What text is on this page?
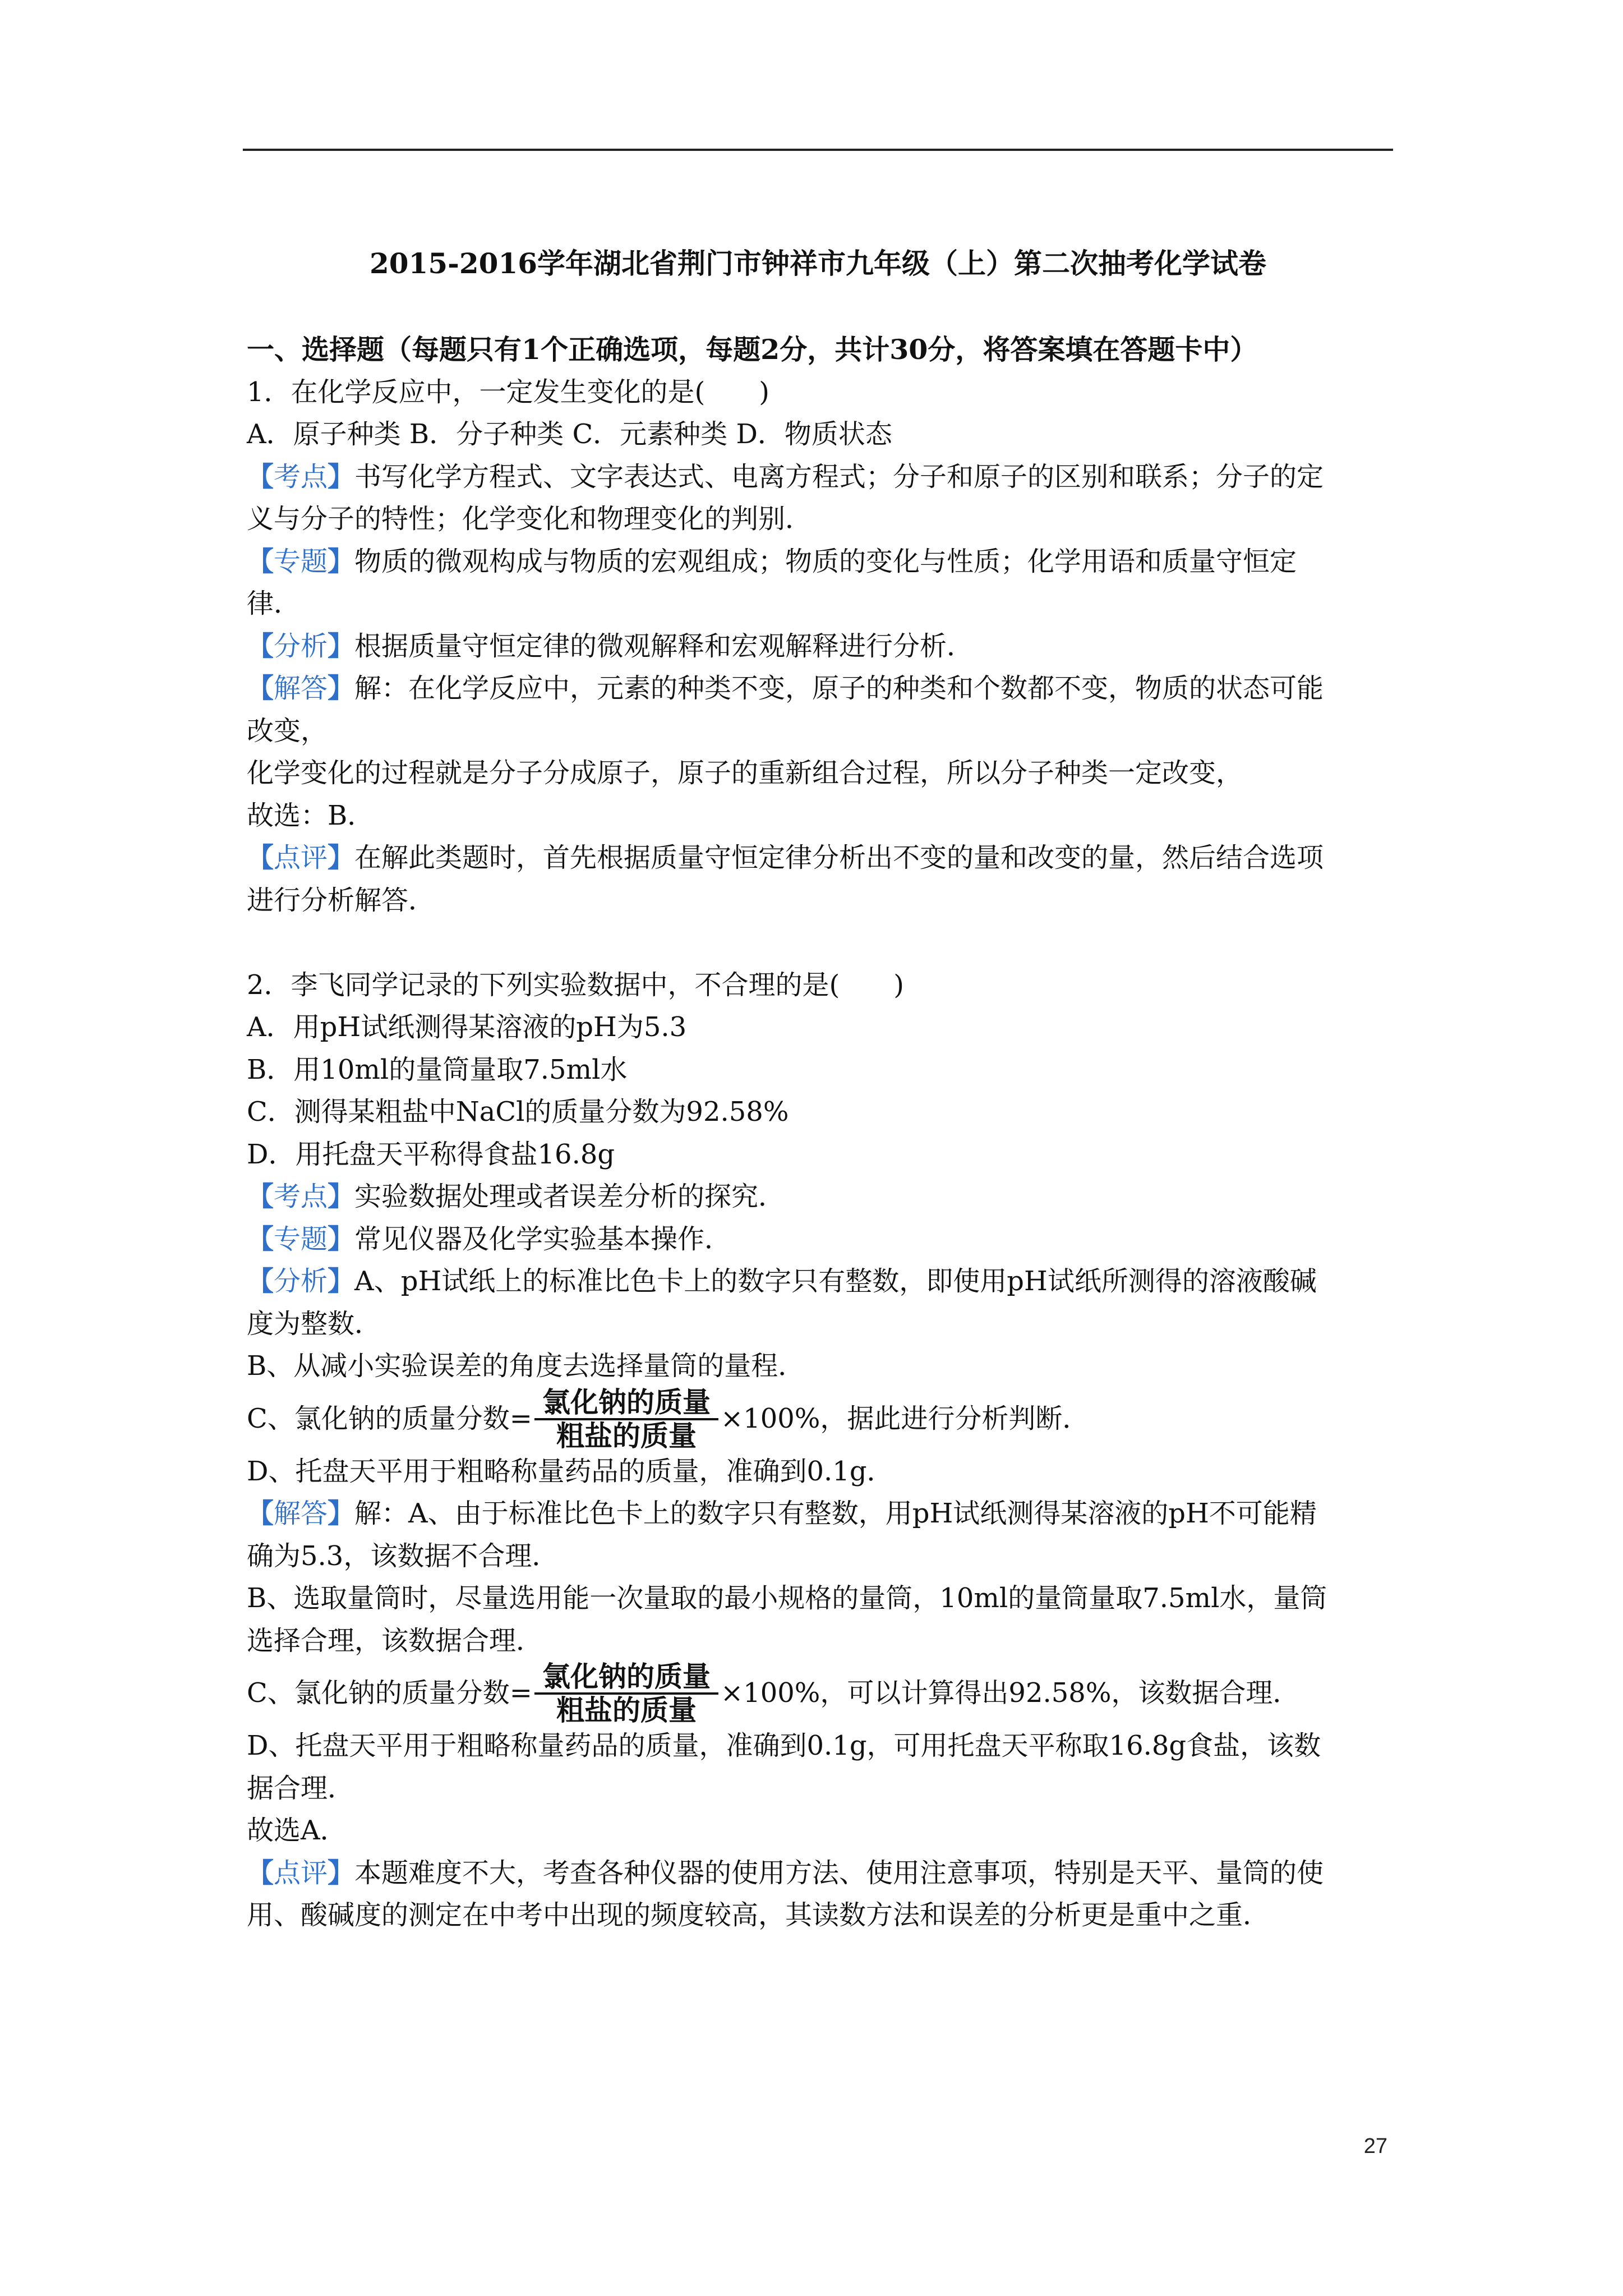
2015-2016学年湖北省荆门市钟祥市九年级（上）第二次抽考化学试卷

一、选择题（每题只有1个正确选项，每题2分，共计30分，将答案填在答题卡中）

1．在化学反应中，一定发生变化的是(　　)

A．原子种类 B．分子种类 C．元素种类 D．物质状态

【考点】书写化学方程式、文字表达式、电离方程式；分子和原子的区别和联系；分子的定

义与分子的特性；化学变化和物理变化的判别．

【专题】物质的微观构成与物质的宏观组成；物质的变化与性质；化学用语和质量守恒定

律．

【分析】根据质量守恒定律的微观解释和宏观解释进行分析．

【解答】解：在化学反应中，元素的种类不变，原子的种类和个数都不变，物质的状态可能

改变，

化学变化的过程就是分子分成原子，原子的重新组合过程，所以分子种类一定改变，

故选：B．

【点评】在解此类题时，首先根据质量守恒定律分析出不变的量和改变的量，然后结合选项

进行分析解答．

2．李飞同学记录的下列实验数据中，不合理的是(　　)

A．用pH试纸测得某溶液的pH为5.3

B．用10ml的量筒量取7.5ml水

C．测得某粗盐中NaCl的质量分数为92.58%

D．用托盘天平称得食盐16.8g

【考点】实验数据处理或者误差分析的探究．

【专题】常见仪器及化学实验基本操作．

【分析】A、pH试纸上的标准比色卡上的数字只有整数，即使用pH试纸所测得的溶液酸碱

度为整数．

B、从减小实验误差的角度去选择量筒的量程．

C、氯化钠的质量分数= $\frac{\text{氯化钠的质量}}{\text{粗盐的质量}} \times 100\%$，据此进行分析判断．

D、托盘天平用于粗略称量药品的质量，准确到0.1g．

【解答】解：A、由于标准比色卡上的数字只有整数，用pH试纸测得某溶液的pH不可能精

确为5.3，该数据不合理．

B、选取量筒时，尽量选用能一次量取的最小规格的量筒，10ml的量筒量取7.5ml水，量筒

选择合理，该数据合理．

C、氯化钠的质量分数= $\frac{\text{氯化钠的质量}}{\text{粗盐的质量}} \times 100\%$，可以计算得出92.58%，该数据合理．

D、托盘天平用于粗略称量药品的质量，准确到0.1g，可用托盘天平称取16.8g食盐，该数

据合理．

故选A．

【点评】本题难度不大，考查各种仪器的使用方法、使用注意事项，特别是天平、量筒的使

用、酸碱度的测定在中考中出现的频度较高，其读数方法和误差的分析更是重中之重．

27
